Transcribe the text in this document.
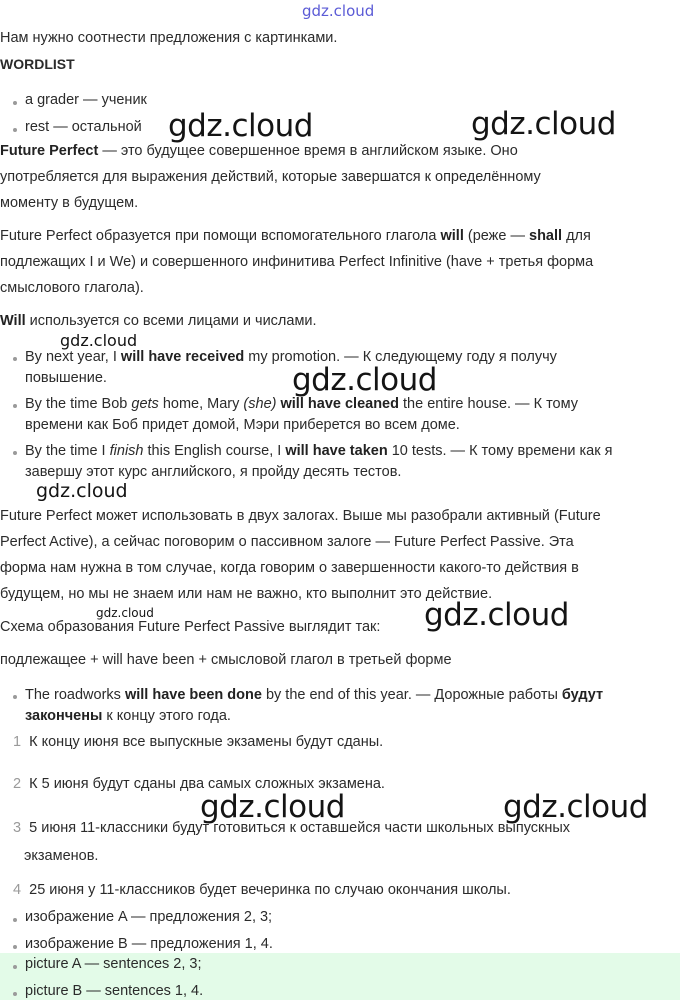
Нам нужно соотнести предложения с картинками.

WORDLIST

a grader — ученик

rest — остальной

Future Perfect — это будущее совершенное время в английском языке. Оно

употребляется для выражения действий, которые завершатся к определённому

моменту в будущем.

Future Perfect образуется при помощи вспомогательного глагола will (реже — shall для

подлежащих I и We) и совершенного инфинитива Perfect Infinitive (have + третья форма

смыслового глагола).

Will используется со всеми лицами и числами.

By next year, I will have received my promotion. — К следующему году я получу

повышение.

By the time Bob gets home, Mary (she) will have cleaned the entire house. — К тому

времени как Боб придет домой, Мэри приберется во всем доме.

By the time I finish this English course, I will have taken 10 tests. — К тому времени как я

завершу этот курс английского, я пройду десять тестов.

Future Perfect может использовать в двух залогах. Выше мы разобрали активный (Future

Perfect Active), а сейчас поговорим о пассивном залоге — Future Perfect Passive. Эта

форма нам нужна в том случае, когда говорим о завершенности какого-то действия в

будущем, но мы не знаем или нам не важно, кто выполнит это действие.

Схема образования Future Perfect Passive выглядит так:

подлежащее + will have been + смысловой глагол в третьей форме

The roadworks will have been done by the end of this year. — Дорожные работы будут

закончены к концу этого года.

1 К концу июня все выпускные экзамены будут сданы.

2 К 5 июня будут сданы два самых сложных экзамена.

3 5 июня 11-классники будут готовиться к оставшейся части школьных выпускных

экзаменов.

4 25 июня у 11-классников будет вечеринка по случаю окончания школы.

изображение A — предложения 2, 3;

изображение B — предложения 1, 4.

picture A — sentences 2, 3;

picture B — sentences 1, 4.

gdz.cloud
gdz.cloud	gdz.cloud
gdz.cloud
gdz.cloud
gdz.cloud
gdz.cloud	gdz.cloud
gdz.cloud	gdz.cloud
